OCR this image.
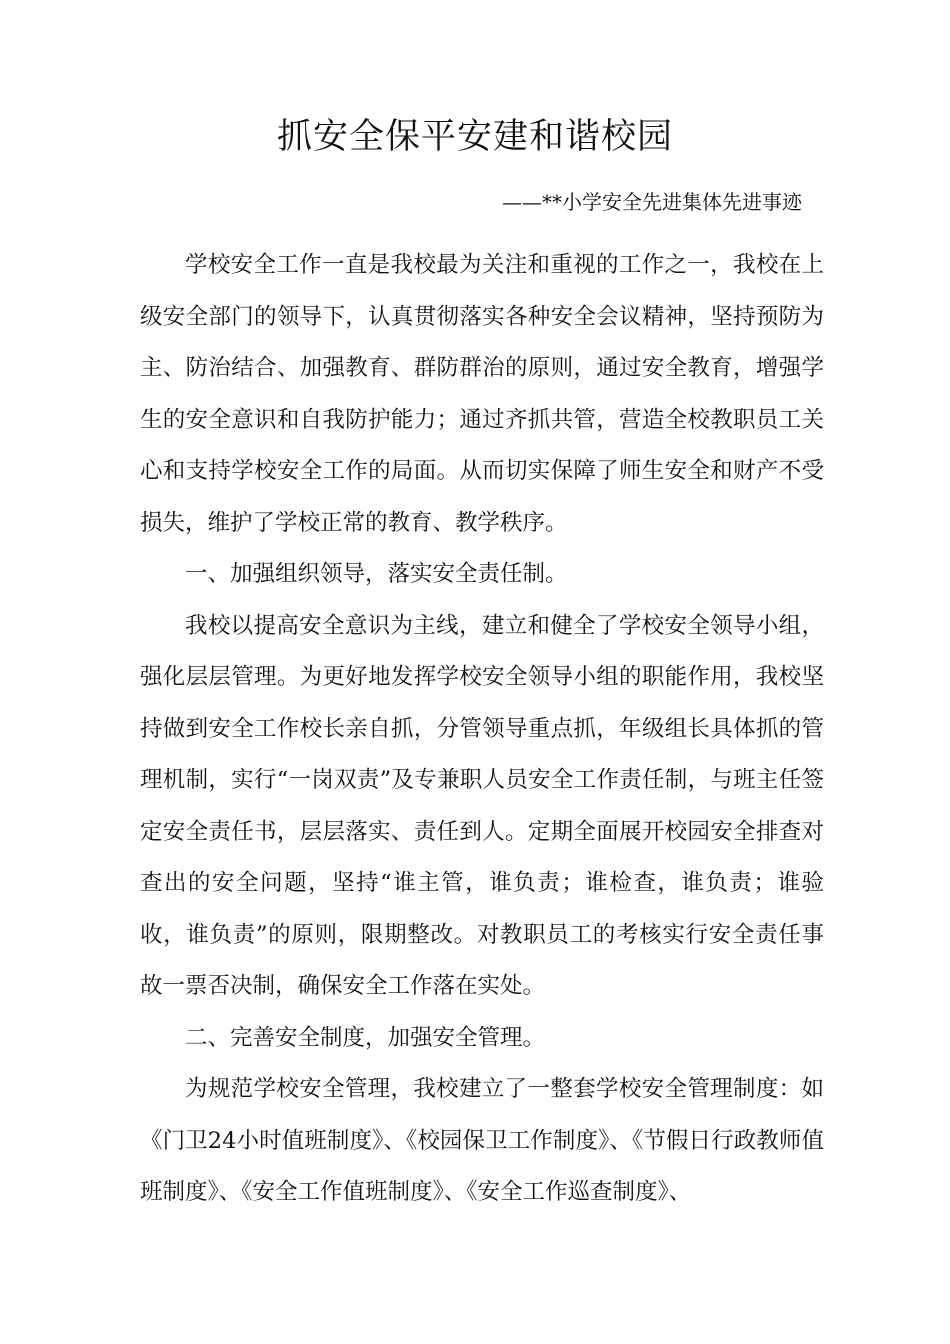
抓安全保平安建和谐校园
——**小学安全先进集体先进事迹

学校安全工作一直是我校最为关注和重视的工作之一，我校在上级安全部门的领导下，认真贯彻落实各种安全会议精神，坚持预防为主、防治结合、加强教育、群防群治的原则，通过安全教育，增强学生的安全意识和自我防护能力；通过齐抓共管，营造全校教职员工关心和支持学校安全工作的局面。从而切实保障了师生安全和财产不受损失，维护了学校正常的教育、教学秩序。

一、加强组织领导，落实安全责任制。

我校以提高安全意识为主线，建立和健全了学校安全领导小组，强化层层管理。为更好地发挥学校安全领导小组的职能作用，我校坚持做到安全工作校长亲自抓，分管领导重点抓，年级组长具体抓的管理机制，实行“一岗双责”及专兼职人员安全工作责任制，与班主任签定安全责任书，层层落实、责任到人。定期全面展开校园安全排查对查出的安全问题，坚持“谁主管，谁负责；谁检查，谁负责；谁验收，谁负责”的原则，限期整改。对教职员工的考核实行安全责任事故一票否决制，确保安全工作落在实处。

二、完善安全制度，加强安全管理。

为规范学校安全管理，我校建立了一整套学校安全管理制度：如《门卫24小时值班制度》、《校园保卫工作制度》、《节假日行政教师值班制度》、《安全工作值班制度》、《安全工作巡查制度》、
